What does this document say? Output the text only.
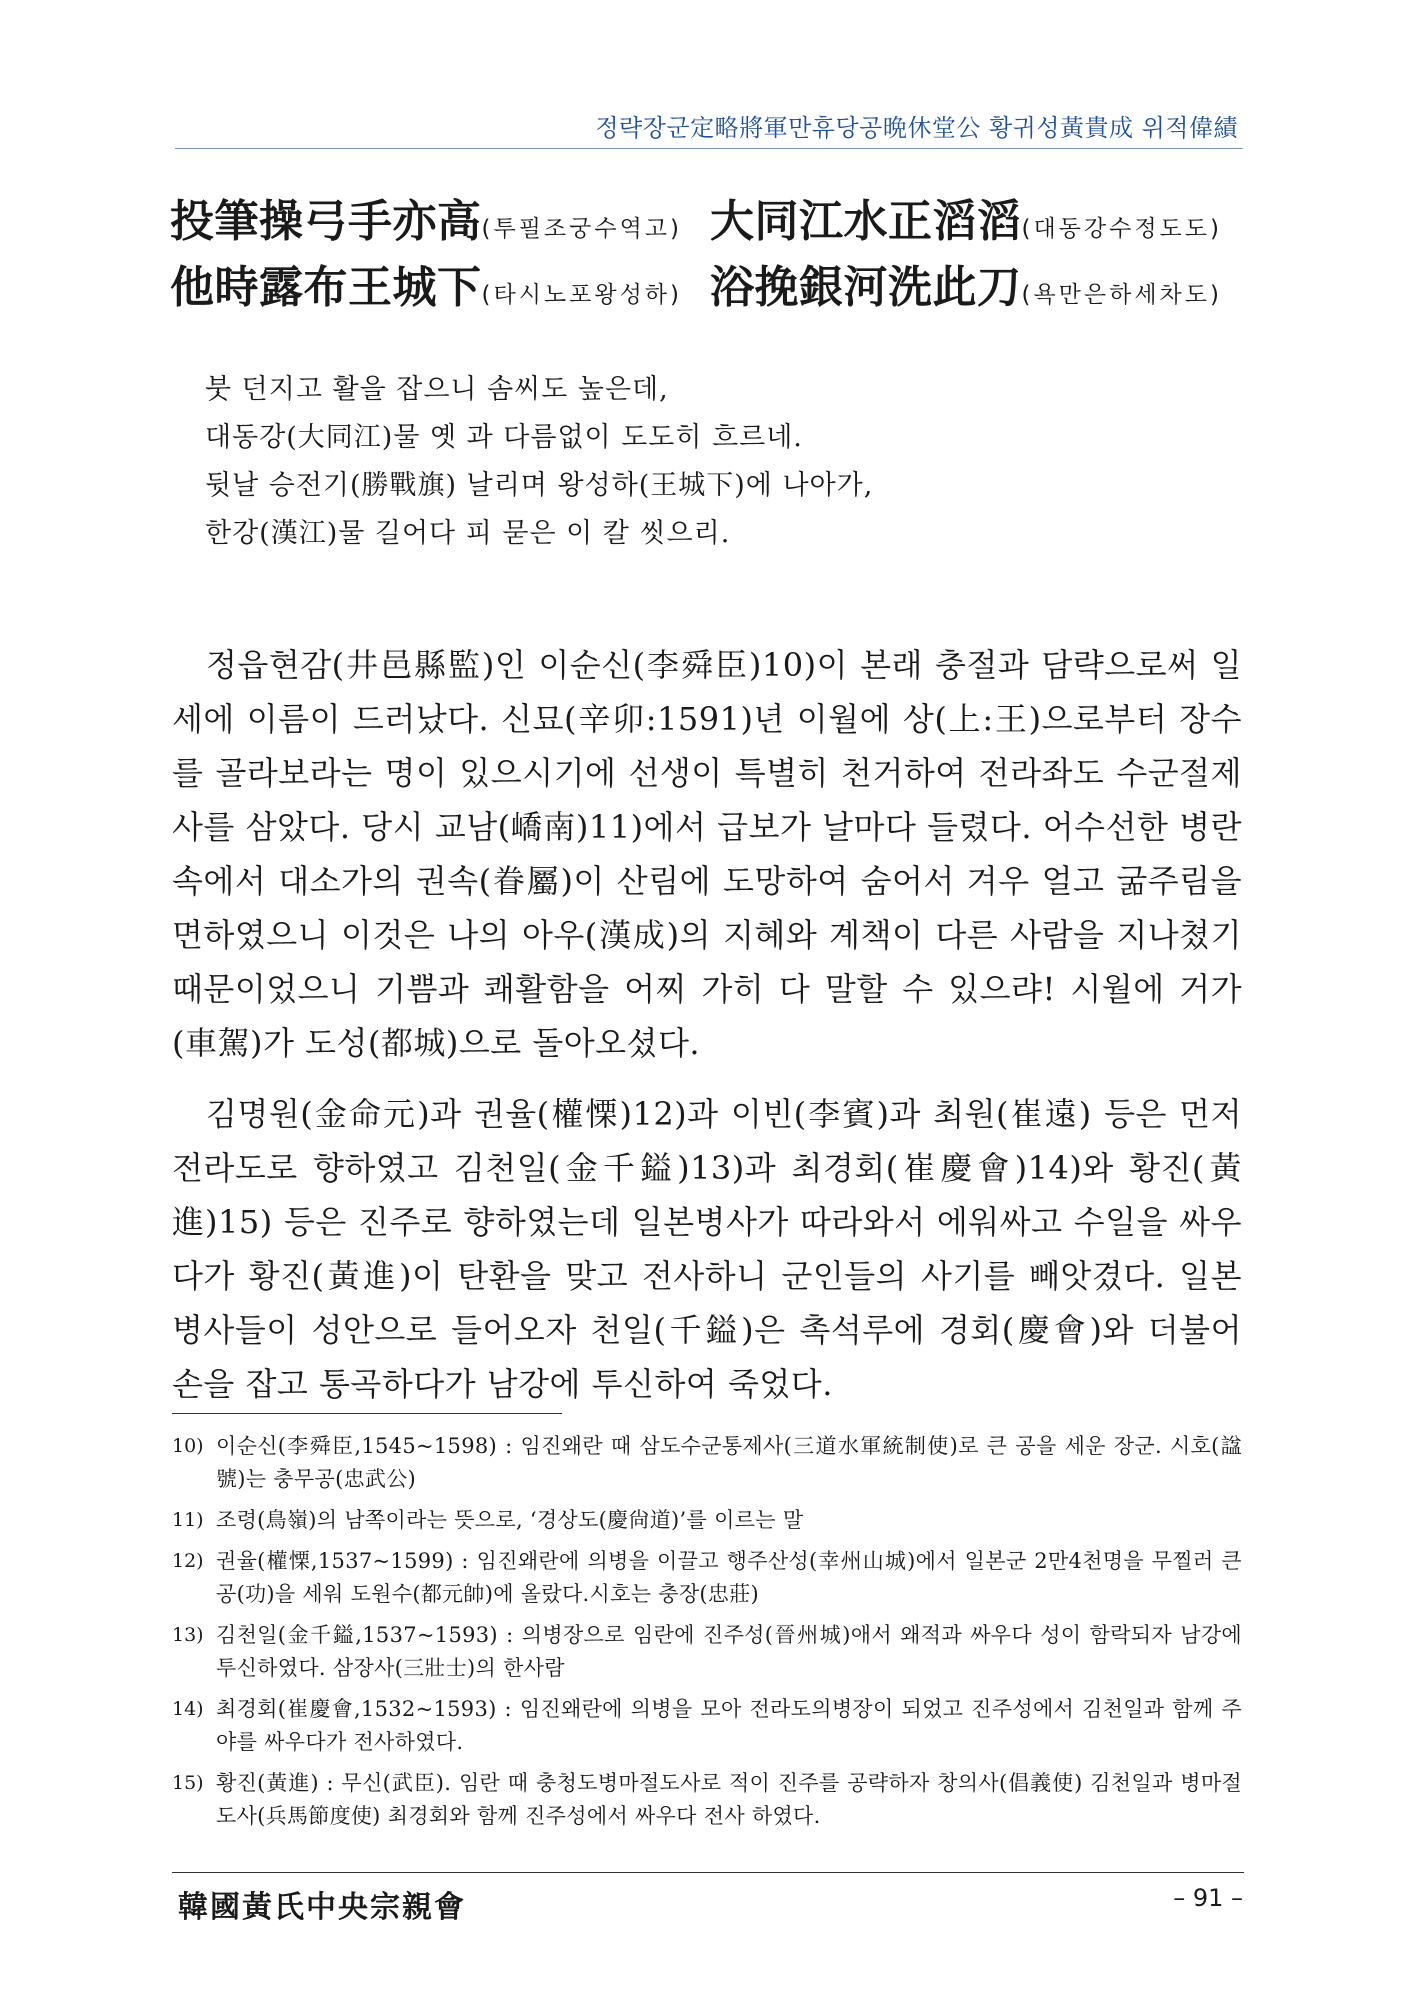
정략장군定略將軍만휴당공晩休堂公 황귀성黃貴成 위적偉績
投筆操弓手亦高 (투필조궁수역고) 大同江水正滔滔 (대동강수정도도)
他時露布王城下 (타시노포왕성하) 浴挽銀河洗此刀 (욕만은하세차도)
붓 던지고 활을 잡으니 솜씨도 높은데,
대동강(大同江)물 옛 과 다름없이 도도히 흐르네.
뒷날 승전기(勝戰旗) 날리며 왕성하(王城下)에 나아가,
한강(漢江)물 길어다 피 묻은 이 칼 씻으리.

정읍현감(井邑縣監)인 이순신(李舜臣)10)이 본래 충절과 담략으로써 일세에 이름이 드러났다. 신묘(辛卯:1591)년 이월에 상(上:王)으로부터 장수를 골라보라는 명이 있으시기에 선생이 특별히 천거하여 전라좌도 수군절제사를 삼았다. 당시 교남(嶠南)11)에서 급보가 날마다 들렸다. 어수선한 병란속에서 대소가의 권속(眷屬)이 산림에 도망하여 숨어서 겨우 얼고 굶주림을 면하였으니 이것은 나의 아우(漢成)의 지혜와 계책이 다른 사람을 지나쳤기 때문이었으니 기쁨과 쾌활함을 어찌 가히 다 말할 수 있으랴! 시월에 거가(車駕)가 도성(都城)으로 돌아오셨다.

김명원(金命元)과 권율(權慄)12)과 이빈(李賓)과 최원(崔遠) 등은 먼저 전라도로 향하였고 김천일(金千鎰)13)과 최경회(崔慶會)14)와 황진(黃進)15) 등은 진주로 향하였는데 일본병사가 따라와서 에워싸고 수일을 싸우다가 황진(黃進)이 탄환을 맞고 전사하니 군인들의 사기를 빼앗겼다. 일본 병사들이 성안으로 들어오자 천일(千鎰)은 촉석루에 경회(慶會)와 더불어 손을 잡고 통곡하다가 남강에 투신하여 죽었다.

10) 이순신(李舜臣,1545~1598) : 임진왜란 때 삼도수군통제사(三道水軍統制使)로 큰 공을 세운 장군. 시호(諡號)는 충무공(忠武公)
11) 조령(鳥嶺)의 남쪽이라는 뜻으로, ‘경상도(慶尙道)’를 이르는 말
12) 권율(權慄,1537~1599) : 임진왜란에 의병을 이끌고 행주산성(幸州山城)에서 일본군 2만4천명을 무찔러 큰 공(功)을 세워 도원수(都元帥)에 올랐다.시호는 충장(忠莊)
13) 김천일(金千鎰,1537~1593) : 의병장으로 임란에 진주성(晉州城)애서 왜적과 싸우다 성이 함락되자 남강에 투신하였다. 삼장사(三壯士)의 한사람
14) 최경회(崔慶會,1532~1593) : 임진왜란에 의병을 모아 전라도의병장이 되었고 진주성에서 김천일과 함께 주야를 싸우다가 전사하였다.
15) 황진(黃進) : 무신(武臣). 임란 때 충청도병마절도사로 적이 진주를 공략하자 창의사(倡義使) 김천일과 병마절도사(兵馬節度使) 최경회와 함께 진주성에서 싸우다 전사 하였다.
韓國黃氏中央宗親會	– 91 –
